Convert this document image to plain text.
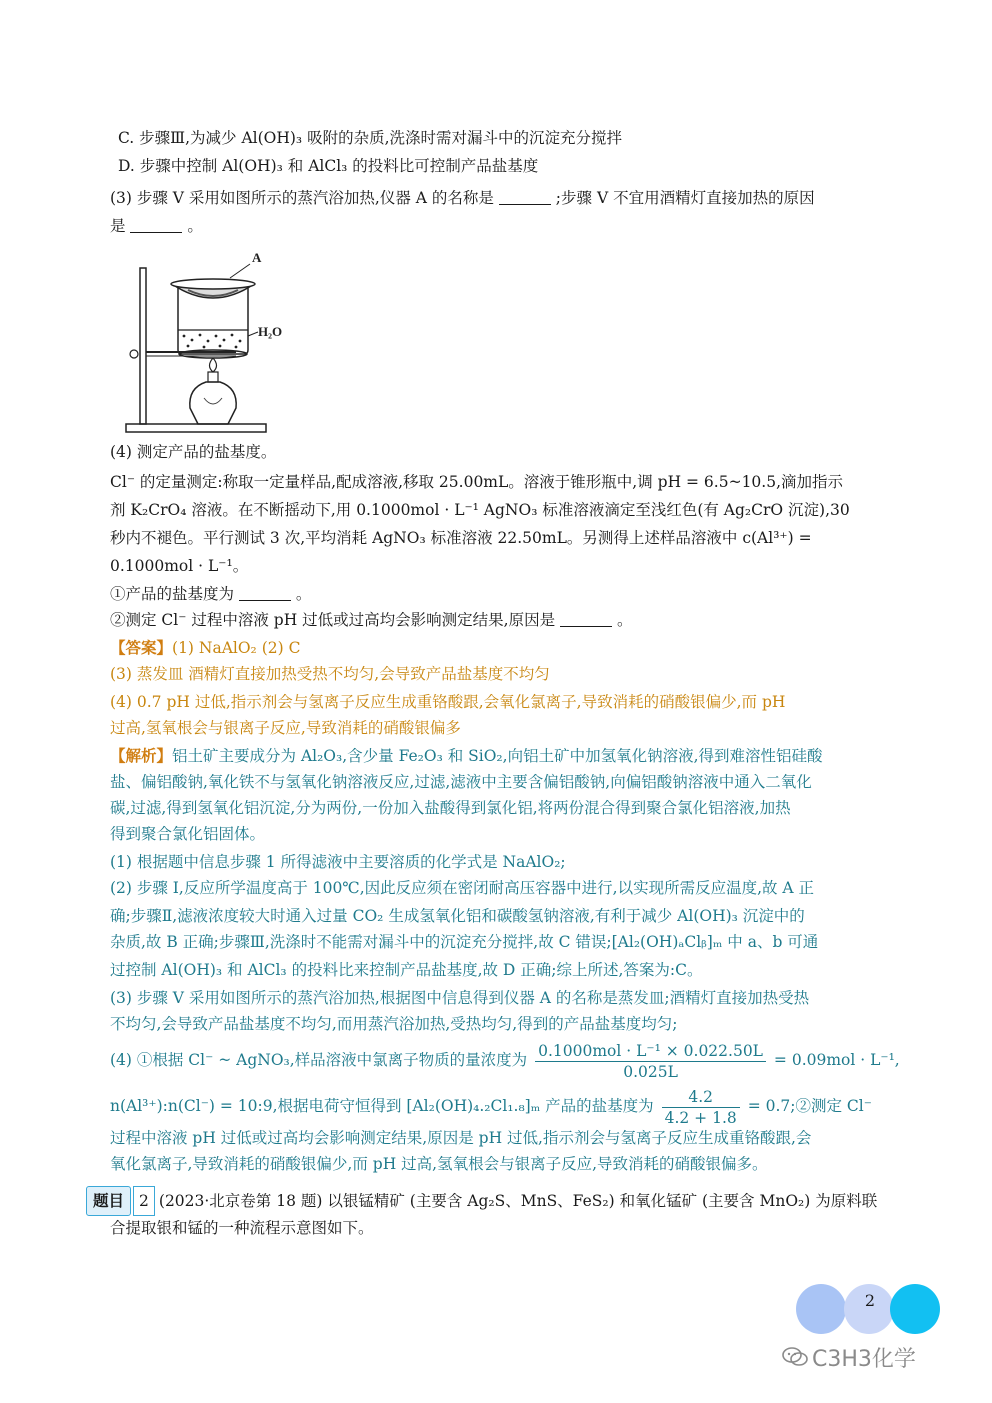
C. 步骤Ⅲ,为减少 Al(OH)₃ 吸附的杂质,洗涤时需对漏斗中的沉淀充分搅拌
D. 步骤中控制 Al(OH)₃ 和 AlCl₃ 的投料比可控制产品盐基度
(3) 步骤 V 采用如图所示的蒸汽浴加热,仪器 A 的名称是	;步骤 V 不宜用酒精灯直接加热的原因
是	。
A
H₂O
(4) 测定产品的盐基度。
Cl⁻ 的定量测定:称取一定量样品,配成溶液,移取 25.00mL。溶液于锥形瓶中,调 pH = 6.5~10.5,滴加指示
剂 K₂CrO₄ 溶液。在不断摇动下,用 0.1000mol · L⁻¹ AgNO₃ 标准溶液滴定至浅红色(有 Ag₂CrO 沉淀),30
秒内不褪色。平行测试 3 次,平均消耗 AgNO₃ 标准溶液 22.50mL。另测得上述样品溶液中 c(Al³⁺) =
0.1000mol · L⁻¹。
①产品的盐基度为	。
②测定 Cl⁻ 过程中溶液 pH 过低或过高均会影响测定结果,原因是	。
【答案】(1) NaAlO₂ (2) C
(3) 蒸发皿 酒精灯直接加热受热不均匀,会导致产品盐基度不均匀
(4) 0.7 pH 过低,指示剂会与氢离子反应生成重铬酸跟,会氧化氯离子,导致消耗的硝酸银偏少,而 pH
过高,氢氧根会与银离子反应,导致消耗的硝酸银偏多
【解析】铝土矿主要成分为 Al₂O₃,含少量 Fe₂O₃ 和 SiO₂,向铝土矿中加氢氧化钠溶液,得到难溶性铝硅酸
盐、偏铝酸钠,氧化铁不与氢氧化钠溶液反应,过滤,滤液中主要含偏铝酸钠,向偏铝酸钠溶液中通入二氧化
碳,过滤,得到氢氧化铝沉淀,分为两份,一份加入盐酸得到氯化铝,将两份混合得到聚合氯化铝溶液,加热
得到聚合氯化铝固体。
(1) 根据题中信息步骤 1 所得滤液中主要溶质的化学式是 NaAlO₂;
(2) 步骤 I,反应所学温度高于 100℃,因此反应须在密闭耐高压容器中进行,以实现所需反应温度,故 A 正
确;步骤Ⅱ,滤液浓度较大时通入过量 CO₂ 生成氢氧化铝和碳酸氢钠溶液,有利于减少 Al(OH)₃ 沉淀中的
杂质,故 B 正确;步骤Ⅲ,洗涤时不能需对漏斗中的沉淀充分搅拌,故 C 错误;[Al₂(OH)ₐClᵦ]ₘ 中 a、b 可通
过控制 Al(OH)₃ 和 AlCl₃ 的投料比来控制产品盐基度,故 D 正确;综上所述,答案为:C。
(3) 步骤 V 采用如图所示的蒸汽浴加热,根据图中信息得到仪器 A 的名称是蒸发皿;酒精灯直接加热受热
不均匀,会导致产品盐基度不均匀,而用蒸汽浴加热,受热均匀,得到的产品盐基度均匀;
(4) ①根据 Cl⁻ ~ AgNO₃,样品溶液中氯离子物质的量浓度为 $\frac{\text{0.1000mol · L⁻¹ × 0.022.50L}}{0.025L} = 0.09mol \cdot L^{-1}$,
n(Al³⁺):n(Cl⁻) = 10:9,根据电荷守恒得到 [Al₂(OH)₄.₂Cl₁.₈]ₘ 产品的盐基度为 $\frac{4.2}{4.2 + 1.8}$ = 0.7;②测定 Cl⁻
过程中溶液 pH 过低或过高均会影响测定结果,原因是 pH 过低,指示剂会与氢离子反应生成重铬酸跟,会
氧化氯离子,导致消耗的硝酸银偏少,而 pH 过高,氢氧根会与银离子反应,导致消耗的硝酸银偏多。
题目 2 (2023·北京卷第 18 题) 以银锰精矿 (主要含 Ag₂S、MnS、FeS₂) 和氧化锰矿 (主要含 MnO₂) 为原料联
合提取银和锰的一种流程示意图如下。
2
C3H3化学
